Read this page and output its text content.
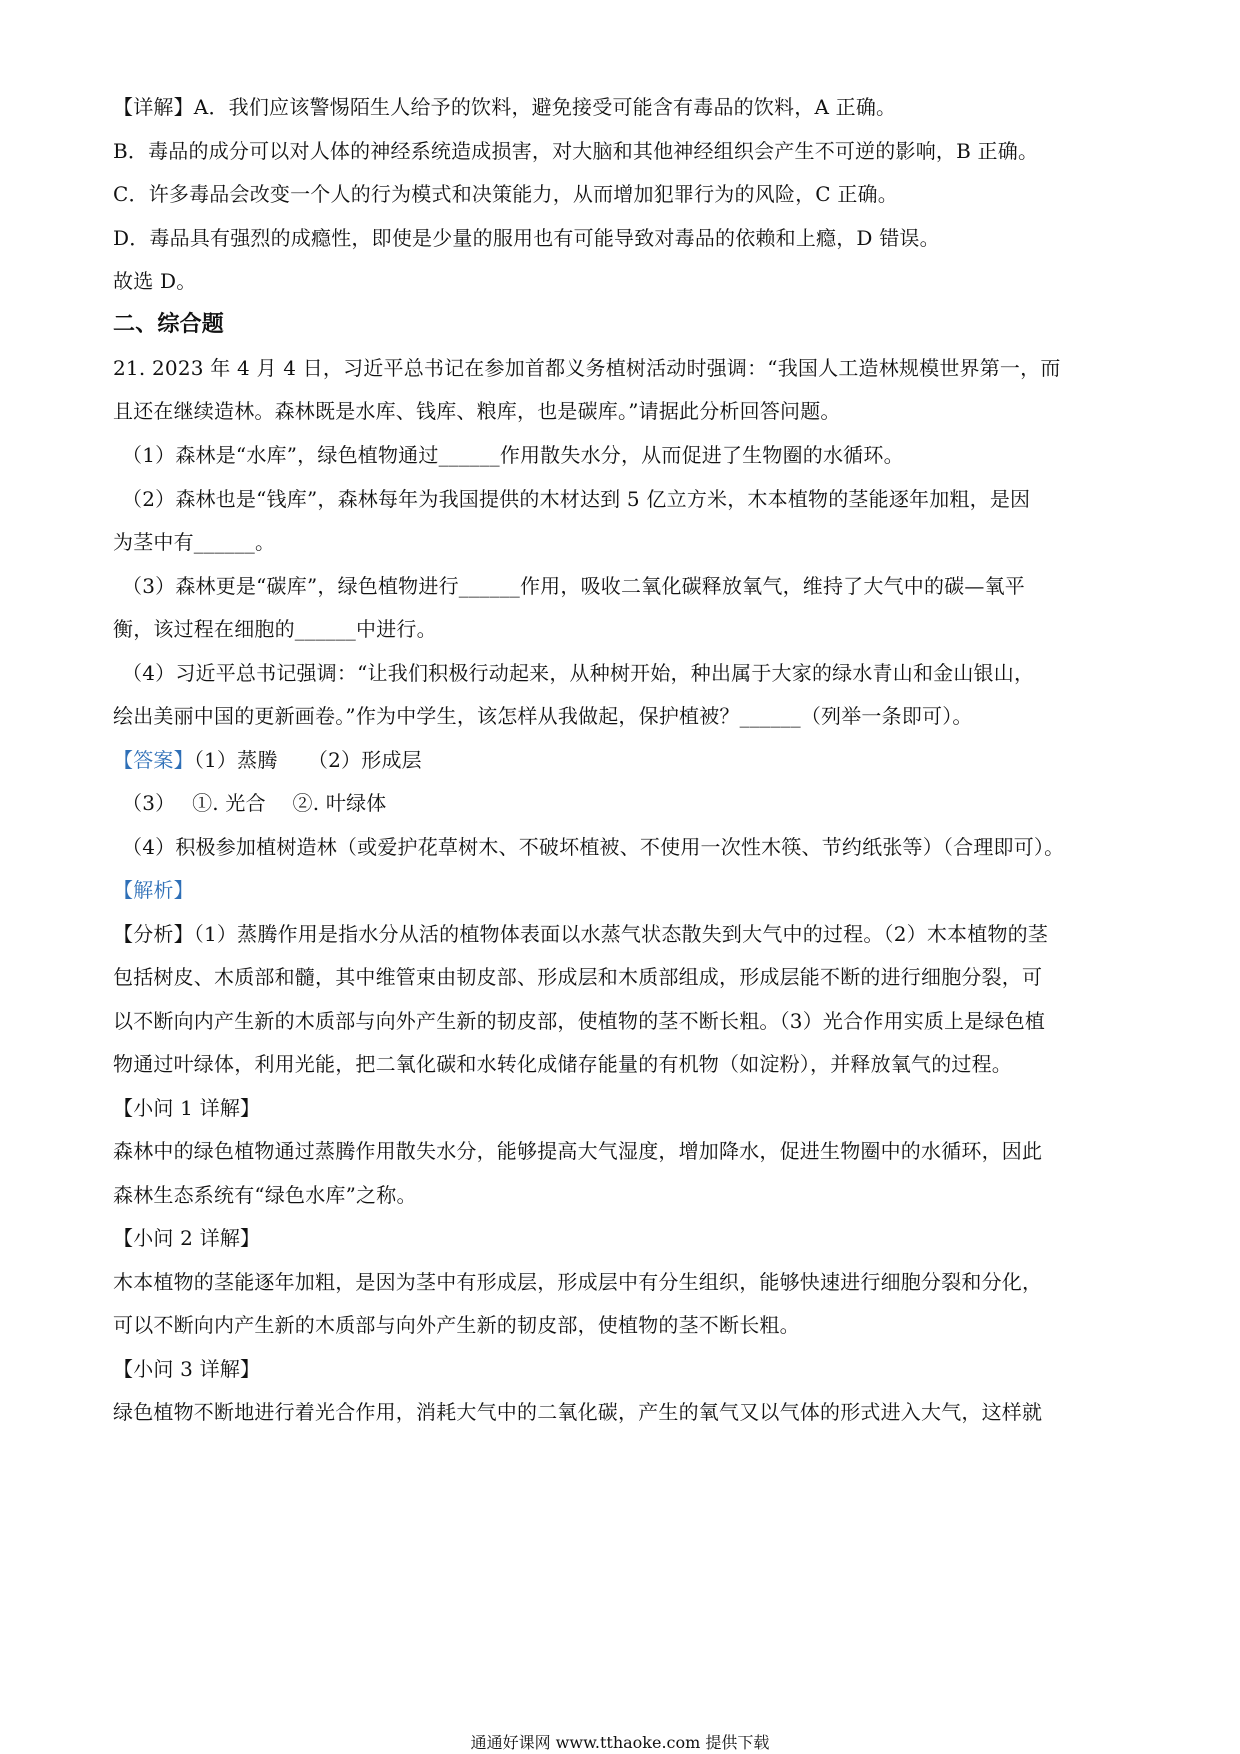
【详解】A．我们应该警惕陌生人给予的饮料，避免接受可能含有毒品的饮料，A 正确。
B．毒品的成分可以对人体的神经系统造成损害，对大脑和其他神经组织会产生不可逆的影响，B 正确。
C．许多毒品会改变一个人的行为模式和决策能力，从而增加犯罪行为的风险，C 正确。
D．毒品具有强烈的成瘾性，即使是少量的服用也有可能导致对毒品的依赖和上瘾，D 错误。
故选 D。
二、综合题
21. 2023 年 4 月 4 日，习近平总书记在参加首都义务植树活动时强调：“我国人工造林规模世界第一，而
且还在继续造林。森林既是水库、钱库、粮库，也是碳库。”请据此分析回答问题。
（1）森林是“水库”，绿色植物通过______作用散失水分，从而促进了生物圈的水循环。
（2）森林也是“钱库”，森林每年为我国提供的木材达到 5 亿立方米，木本植物的茎能逐年加粗，是因
为茎中有______。
（3）森林更是“碳库”，绿色植物进行______作用，吸收二氧化碳释放氧气，维持了大气中的碳—氧平
衡，该过程在细胞的______中进行。
（4）习近平总书记强调：“让我们积极行动起来，从种树开始，种出属于大家的绿水青山和金山银山，
绘出美丽中国的更新画卷。”作为中学生，该怎样从我做起，保护植被？______（列举一条即可）。
【答案】（1）蒸腾　　（2）形成层
（3）　 ①. 光合　 ②. 叶绿体
（4）积极参加植树造林（或爱护花草树木、不破坏植被、不使用一次性木筷、节约纸张等）（合理即可）。
【解析】
【分析】（1）蒸腾作用是指水分从活的植物体表面以水蒸气状态散失到大气中的过程。（2）木本植物的茎
包括树皮、木质部和髓，其中维管束由韧皮部、形成层和木质部组成，形成层能不断的进行细胞分裂，可
以不断向内产生新的木质部与向外产生新的韧皮部，使植物的茎不断长粗。（3）光合作用实质上是绿色植
物通过叶绿体，利用光能，把二氧化碳和水转化成储存能量的有机物（如淀粉），并释放氧气的过程。
【小问 1 详解】
森林中的绿色植物通过蒸腾作用散失水分，能够提高大气湿度，增加降水，促进生物圈中的水循环，因此
森林生态系统有“绿色水库”之称。
【小问 2 详解】
木本植物的茎能逐年加粗，是因为茎中有形成层，形成层中有分生组织，能够快速进行细胞分裂和分化，
可以不断向内产生新的木质部与向外产生新的韧皮部，使植物的茎不断长粗。
【小问 3 详解】
绿色植物不断地进行着光合作用，消耗大气中的二氧化碳，产生的氧气又以气体的形式进入大气，这样就
通通好课网 www.tthaoke.com 提供下载
